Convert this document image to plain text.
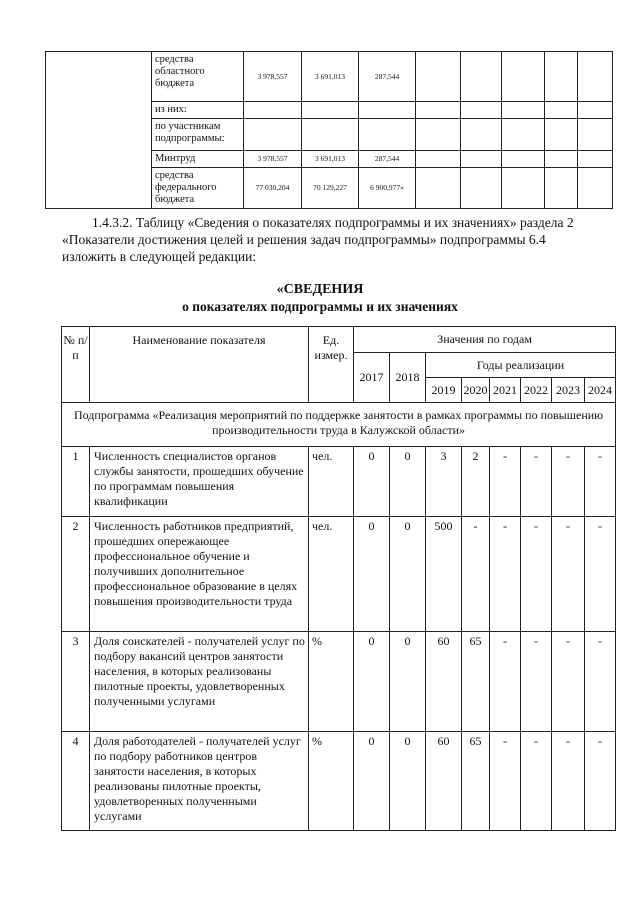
	средства областного бюджета	3 978,557	3 691,013	287,544					
	из них:								
	по участникам подпрограммы:								
	Минтруд	3 978,557	3 691,013	287,544					
	средства федерального бюджета	77 030,204	70 129,227	6 900,977»					
1.4.3.2. Таблицу «Сведения о показателях подпрограммы и их значениях» раздела 2
«Показатели достижения целей и решения задач подпрограммы» подпрограммы 6.4
изложить в следующей редакции:
«СВЕДЕНИЯ
о показателях подпрограммы и их значениях
№ п/п	Наименование показателя	Ед. измер.	Значения по годам							
			2017	2018	Годы реализации					
					2019	2020	2021	2022	2023	2024
Подпрограмма «Реализация мероприятий по поддержке занятости в рамках программы по повышению производительности труда в Калужской области»										
1	Численность специалистов органов службы занятости, прошедших обучение по программам повышения квалификации	чел.	0	0	3	2	-	-	-	-
2	Численность работников предприятий, прошедших опережающее профессиональное обучение и получивших дополнительное профессиональное образование в целях повышения производительности труда	чел.	0	0	500	-	-	-	-	-
3	Доля соискателей - получателей услуг по подбору вакансий центров занятости населения, в которых реализованы пилотные проекты, удовлетворенных полученными услугами	%	0	0	60	65	-	-	-	-
4	Доля работодателей - получателей услуг по подбору работников центров занятости населения, в которых реализованы пилотные проекты, удовлетворенных полученными услугами	%	0	0	60	65	-	-	-	-
